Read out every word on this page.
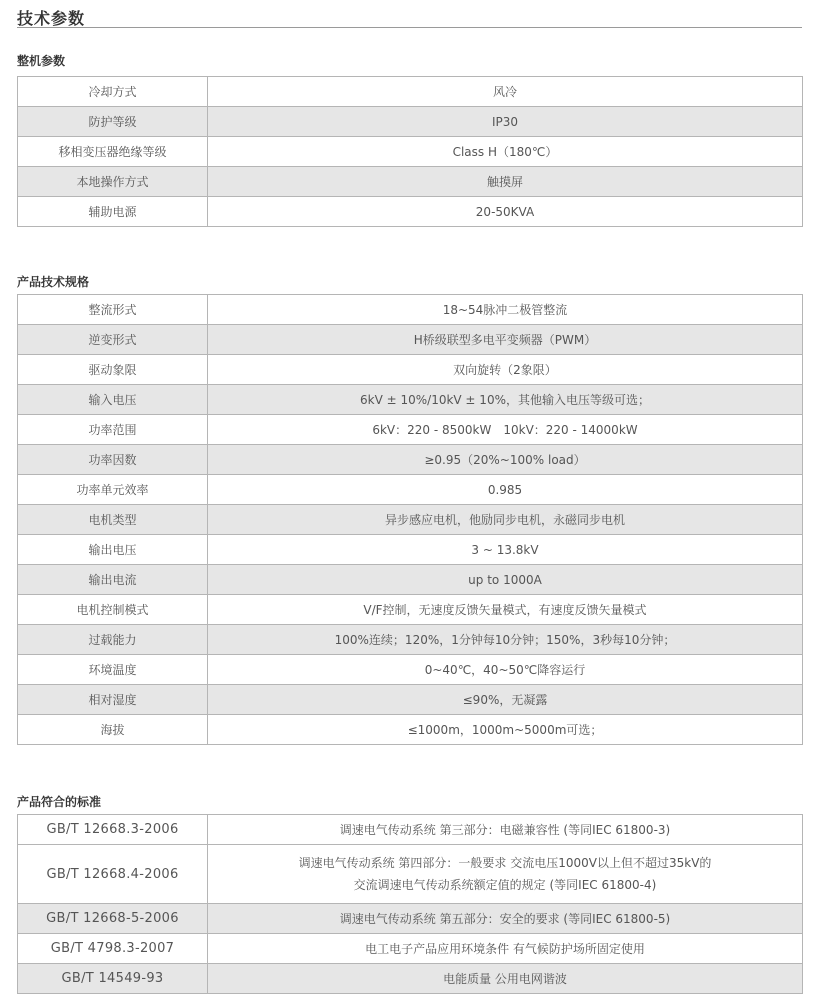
技术参数
整机参数
冷却方式	风冷
防护等级	IP30
移相变压器绝缘等级	Class H（180℃）
本地操作方式	触摸屏
辅助电源	20-50KVA
产品技术规格
整流形式	18~54脉冲二极管整流
逆变形式	H桥级联型多电平变频器（PWM）
驱动象限	双向旋转（2象限）
输入电压	6kV ± 10%/10kV ± 10%，其他输入电压等级可选；
功率范围	6kV：220 - 8500kW　10kV：220 - 14000kW
功率因数	≥0.95（20%~100% load）
功率单元效率	0.985
电机类型	异步感应电机，他励同步电机，永磁同步电机
输出电压	3 ~ 13.8kV
输出电流	up to 1000A
电机控制模式	V/F控制，无速度反馈矢量模式，有速度反馈矢量模式
过载能力	100%连续；120%，1分钟每10分钟；150%，3秒每10分钟；
环境温度	0~40℃，40~50℃降容运行
相对湿度	≤90%，无凝露
海拔	≤1000m，1000m~5000m可选；
产品符合的标准
GB/T 12668.3-2006	调速电气传动系统 第三部分：电磁兼容性 (等同IEC 61800-3)
GB/T 12668.4-2006	调速电气传动系统 第四部分：一般要求 交流电压1000V以上但不超过35kV的
交流调速电气传动系统额定值的规定 (等同IEC 61800-4)

GB/T 12668-5-2006	调速电气传动系统 第五部分：安全的要求 (等同IEC 61800-5)
GB/T 4798.3-2007	电工电子产品应用环境条件 有气候防护场所固定使用
GB/T 14549-93	电能质量 公用电网谐波
